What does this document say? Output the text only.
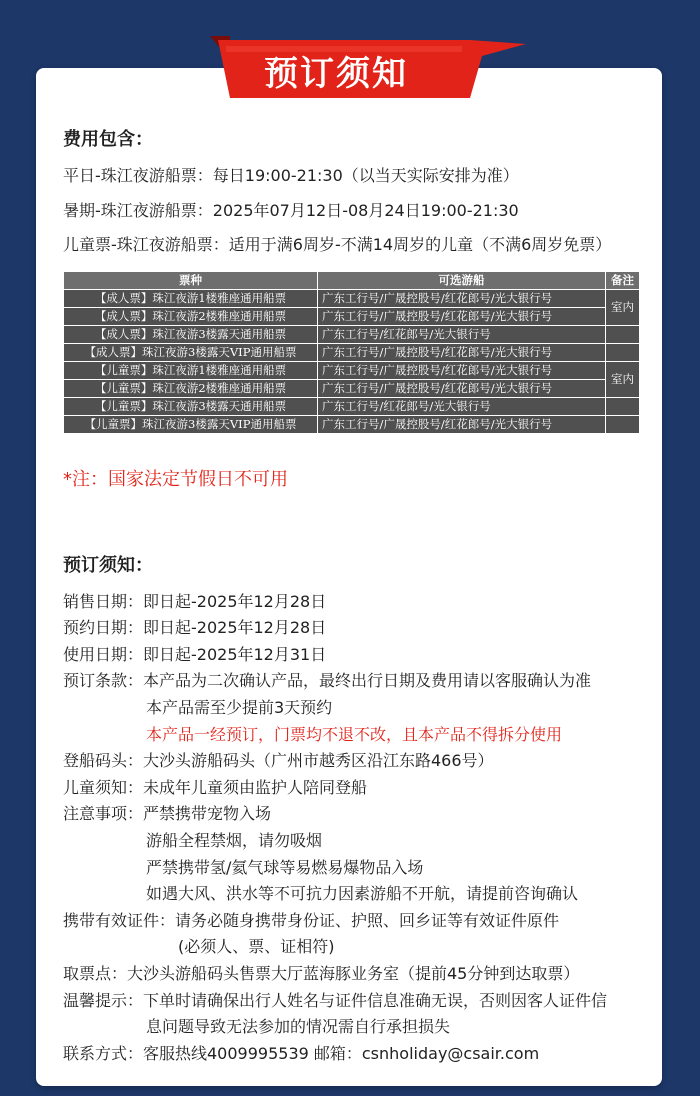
预订须知
费用包含：
平日-珠江夜游船票：每日19:00-21:30（以当天实际安排为准）
暑期-珠江夜游船票：2025年07月12日-08月24日19:00-21:30
儿童票-珠江夜游船票：适用于满6周岁-不满14周岁的儿童（不满6周岁免票）
票种	可选游船	备注
【成人票】珠江夜游1楼雅座通用船票	广东工行号/广晟控股号/红花郎号/光大银行号	室内
【成人票】珠江夜游2楼雅座通用船票	广东工行号/广晟控股号/红花郎号/光大银行号	
【成人票】珠江夜游3楼露天通用船票	广东工行号/红花郎号/光大银行号	
【成人票】珠江夜游3楼露天VIP通用船票	广东工行号/广晟控股号/红花郎号/光大银行号	
【儿童票】珠江夜游1楼雅座通用船票	广东工行号/广晟控股号/红花郎号/光大银行号	室内
【儿童票】珠江夜游2楼雅座通用船票	广东工行号/广晟控股号/红花郎号/光大银行号	
【儿童票】珠江夜游3楼露天通用船票	广东工行号/红花郎号/光大银行号	
【儿童票】珠江夜游3楼露天VIP通用船票	广东工行号/广晟控股号/红花郎号/光大银行号	
*注：国家法定节假日不可用
预订须知：
销售日期：即日起-2025年12月28日
预约日期：即日起-2025年12月28日
使用日期：即日起-2025年12月31日
预订条款：本产品为二次确认产品，最终出行日期及费用请以客服确认为准
本产品需至少提前3天预约
本产品一经预订，门票均不退不改，且本产品不得拆分使用
登船码头：大沙头游船码头（广州市越秀区沿江东路466号）
儿童须知：未成年儿童须由监护人陪同登船
注意事项：严禁携带宠物入场
游船全程禁烟，请勿吸烟
严禁携带氢/氦气球等易燃易爆物品入场
如遇大风、洪水等不可抗力因素游船不开航，请提前咨询确认
携带有效证件：请务必随身携带身份证、护照、回乡证等有效证件原件
(必须人、票、证相符)
取票点：大沙头游船码头售票大厅蓝海豚业务室（提前45分钟到达取票）
温馨提示：下单时请确保出行人姓名与证件信息准确无误，否则因客人证件信
息问题导致无法参加的情况需自行承担损失
联系方式：客服热线4009995539 邮箱：csnholiday@csair.com
